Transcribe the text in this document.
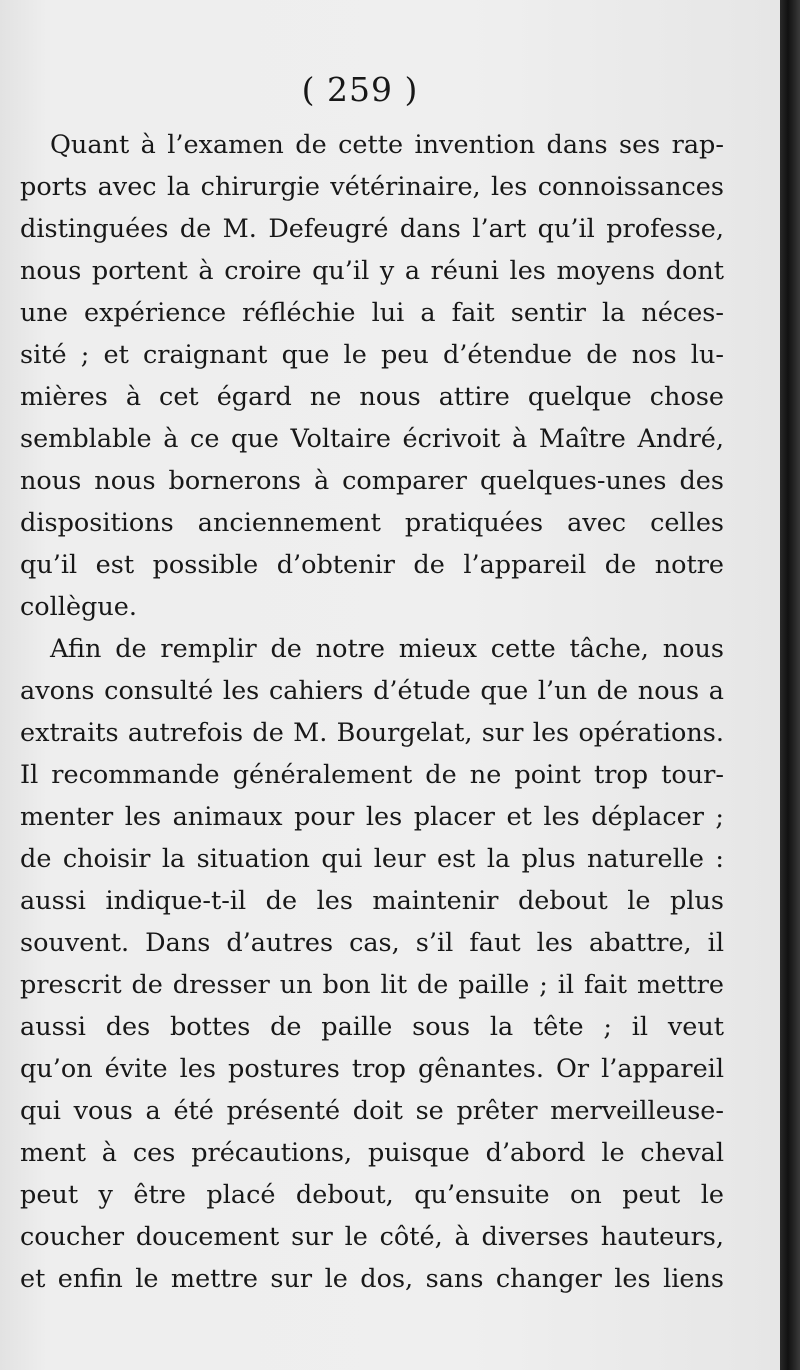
( 259 )
Quant à l’examen de cette invention dans ses rap-
ports avec la chirurgie vétérinaire, les connoissances
distinguées de M. Defeugré dans l’art qu’il professe,
nous portent à croire qu’il y a réuni les moyens dont
une expérience réfléchie lui a fait sentir la néces-
sité ; et craignant que le peu d’étendue de nos lu-
mières à cet égard ne nous attire quelque chose
semblable à ce que Voltaire écrivoit à Maître André,
nous nous bornerons à comparer quelques-unes des
dispositions anciennement pratiquées avec celles
qu’il est possible d’obtenir de l’appareil de notre
collègue.
Afin de remplir de notre mieux cette tâche, nous
avons consulté les cahiers d’étude que l’un de nous a
extraits autrefois de M. Bourgelat, sur les opérations.
Il recommande généralement de ne point trop tour-
menter les animaux pour les placer et les déplacer ;
de choisir la situation qui leur est la plus naturelle :
aussi indique-t-il de les maintenir debout le plus
souvent. Dans d’autres cas, s’il faut les abattre, il
prescrit de dresser un bon lit de paille ; il fait mettre
aussi des bottes de paille sous la tête ; il veut
qu’on évite les postures trop gênantes. Or l’appareil
qui vous a été présenté doit se prêter merveilleuse-
ment à ces précautions, puisque d’abord le cheval
peut y être placé debout, qu’ensuite on peut le
coucher doucement sur le côté, à diverses hauteurs,
et enfin le mettre sur le dos, sans changer les liens
